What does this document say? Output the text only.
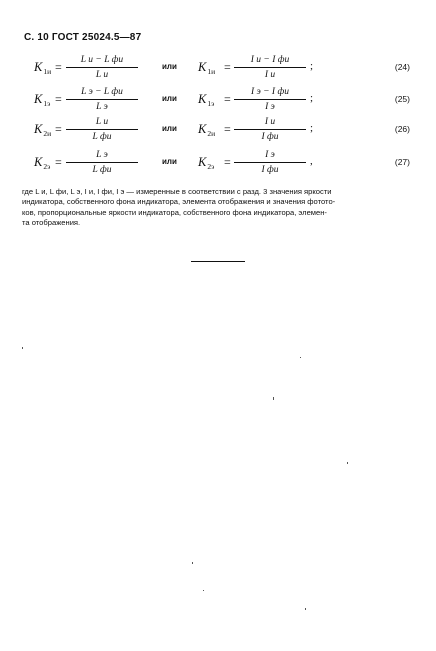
С. 10 ГОСТ 25024.5—87
$K_{1и}$ =	L и − L фи
L и
$K_{1и}$ =	I и − I фи
I и
или	;	(24)
$K_{1э}$ =	L э − L фи
L э
$K_{1э}$ =	I э − I фи
I э
или	;	(25)
$K_{2и}$ =	L и
L фи
$K_{2и}$ =	I и
I фи
или	;	(26)
$K_{2э}$ =	L э
L фи
$K_{2э}$ =	I э
I фи
или	,	(27)
где L и, L фи, L э, I и, I фи, I э — измеренные в соответствии с разд. 3 значения яркости
индикатора, собственного фона индикатора, элемента отображения и значения фотото-
ков, пропорциональные яркости индикатора, собственного фона индикатора, элемен-
та отображения.
